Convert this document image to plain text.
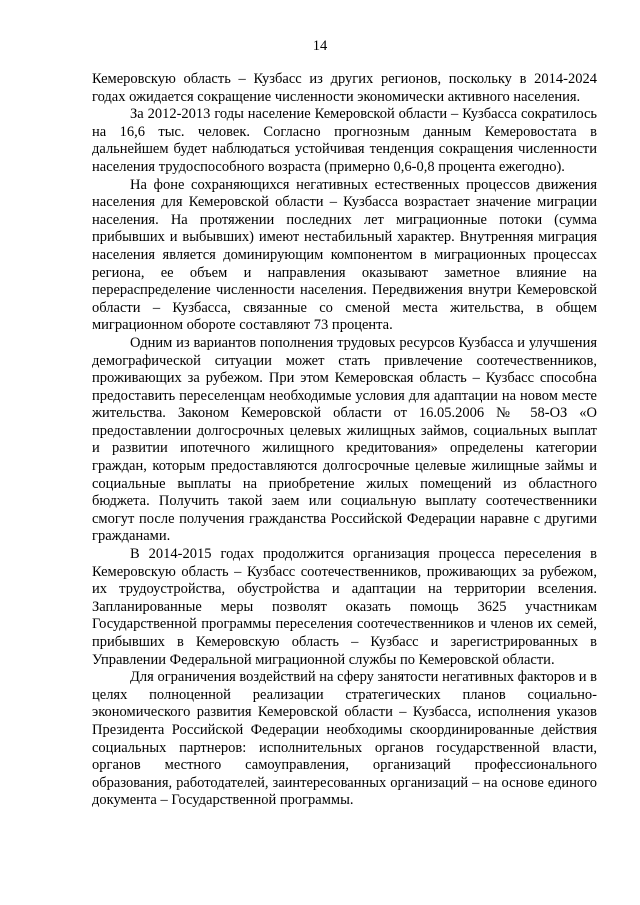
14

Кемеровскую область – Кузбасс из других регионов, поскольку в 2014-2024 годах ожидается сокращение численности экономически активного населения.

За 2012-2013 годы население Кемеровской области – Кузбасса сократилось на 16,6 тыс. человек. Согласно прогнозным данным Кемеровостата в дальнейшем будет наблюдаться устойчивая тенденция сокращения численности населения трудоспособного возраста (примерно 0,6-0,8 процента ежегодно).

На фоне сохраняющихся негативных естественных процессов движения населения для Кемеровской области – Кузбасса возрастает значение миграции населения. На протяжении последних лет миграционные потоки (сумма прибывших и выбывших) имеют нестабильный характер. Внутренняя миграция населения является доминирующим компонентом в миграционных процессах региона, ее объем и направления оказывают заметное влияние на перераспределение численности населения. Передвижения внутри Кемеровской области – Кузбасса, связанные со сменой места жительства, в общем миграционном обороте составляют 73 процента.

Одним из вариантов пополнения трудовых ресурсов Кузбасса и улучшения демографической ситуации может стать привлечение соотечественников, проживающих за рубежом. При этом Кемеровская область – Кузбасс способна предоставить переселенцам необходимые условия для адаптации на новом месте жительства. Законом Кемеровской области от 16.05.2006 № 58-ОЗ «О предоставлении долгосрочных целевых жилищных займов, социальных выплат и развитии ипотечного жилищного кредитования» определены категории граждан, которым предоставляются долгосрочные целевые жилищные займы и социальные выплаты на приобретение жилых помещений из областного бюджета. Получить такой заем или социальную выплату соотечественники смогут после получения гражданства Российской Федерации наравне с другими гражданами.

В 2014-2015 годах продолжится организация процесса переселения в Кемеровскую область – Кузбасс соотечественников, проживающих за рубежом, их трудоустройства, обустройства и адаптации на территории вселения. Запланированные меры позволят оказать помощь 3625 участникам Государственной программы переселения соотечественников и членов их семей, прибывших в Кемеровскую область – Кузбасс и зарегистрированных в Управлении Федеральной миграционной службы по Кемеровской области.

Для ограничения воздействий на сферу занятости негативных факторов и в целях полноценной реализации стратегических планов социально-экономического развития Кемеровской области – Кузбасса, исполнения указов Президента Российской Федерации необходимы скоординированные действия социальных партнеров: исполнительных органов государственной власти, органов местного самоуправления, организаций профессионального образования, работодателей, заинтересованных организаций – на основе единого документа – Государственной программы.
